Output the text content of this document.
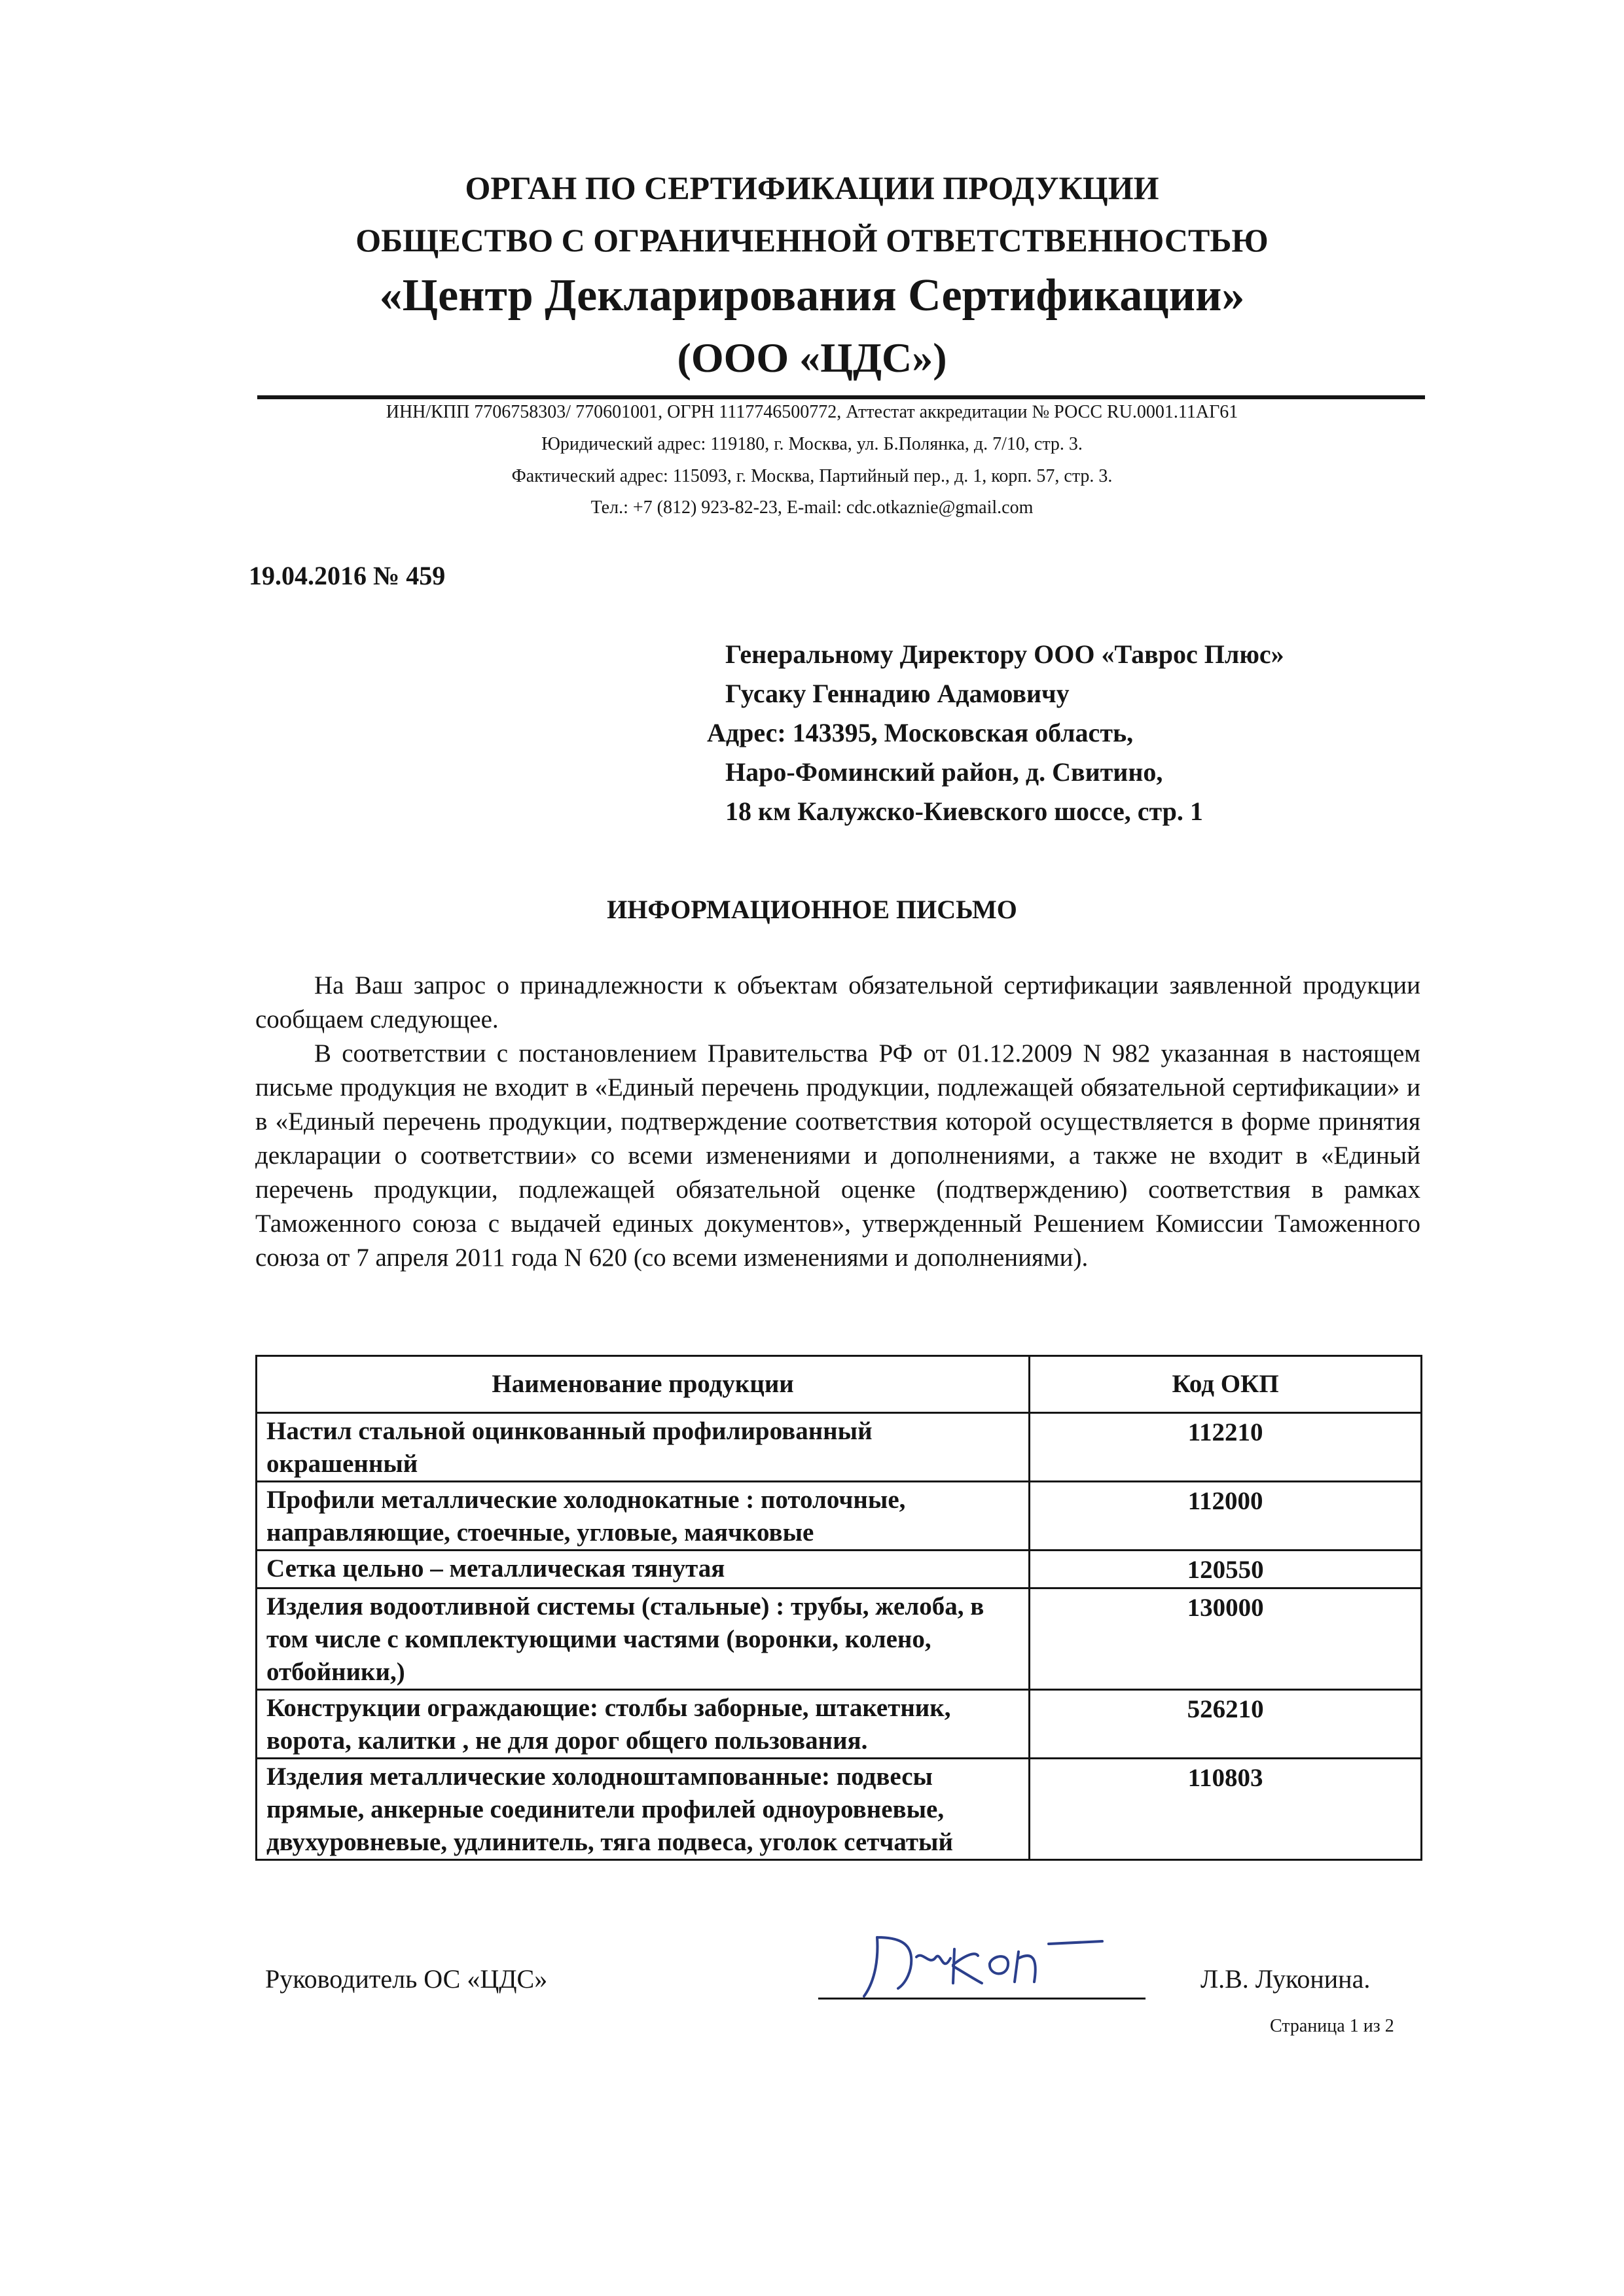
ОРГАН ПО СЕРТИФИКАЦИИ ПРОДУКЦИИ

ОБЩЕСТВО С ОГРАНИЧЕННОЙ ОТВЕТСТВЕННОСТЬЮ

«Центр Декларирования Сертификации»

(ООО «ЦДС»)

ИНН/КПП 7706758303/ 770601001, ОГРН 1117746500772, Аттестат аккредитации № РОСС RU.0001.11АГ61
Юридический адрес: 119180, г. Москва, ул. Б.Полянка, д. 7/10, стр. 3.
Фактический адрес: 115093, г. Москва, Партийный пер., д. 1, корп. 57, стр. 3.
Тел.: +7 (812) 923-82-23, E-mail: cdc.otkaznie@gmail.com
19.04.2016 № 459
Генеральному Директору ООО «Таврос Плюс»
Гусаку Геннадию Адамовичу
Адрес: 143395, Московская область,
Наро-Фоминский район, д. Свитино,
18 км Калужско-Киевского шоссе, стр. 1
ИНФОРМАЦИОННОЕ ПИСЬМО

На Ваш запрос о принадлежности к объектам обязательной сертификации заявленной продукции сообщаем следующее.

В соответствии с постановлением Правительства РФ от 01.12.2009 N 982 указанная в настоящем письме продукция не входит в «Единый перечень продукции, подлежащей обязательной сертификации» и в «Единый перечень продукции, подтверждение соответствия которой осуществляется в форме принятия декларации о соответствии» со всеми изменениями и дополнениями, а также не входит в «Единый перечень продукции, подлежащей обязательной оценке (подтверждению) соответствия в рамках Таможенного союза с выдачей единых документов», утвержденный Решением Комиссии Таможенного союза от 7 апреля 2011 года N 620 (со всеми изменениями и дополнениями).

Наименование продукции	Код ОКП
Настил стальной оцинкованный профилированный окрашенный	112210
Профили металлические холоднокатные : потолочные, направляющие, стоечные, угловые, маячковые	112000
Сетка цельно – металлическая тянутая	120550
Изделия водоотливной системы (стальные) : трубы, желоба, в том числе с комплектующими частями (воронки, колено, отбойники,)	130000
Конструкции ограждающие: столбы заборные, штакетник, ворота, калитки , не для дорог общего пользования.	526210
Изделия металлические холодноштампованные: подвесы прямые, анкерные соединители профилей одноуровневые, двухуровневые, удлинитель, тяга подвеса, уголок сетчатый	110803
Руководитель ОС «ЦДС»	Л.В. Луконина.
Страница 1 из 2
